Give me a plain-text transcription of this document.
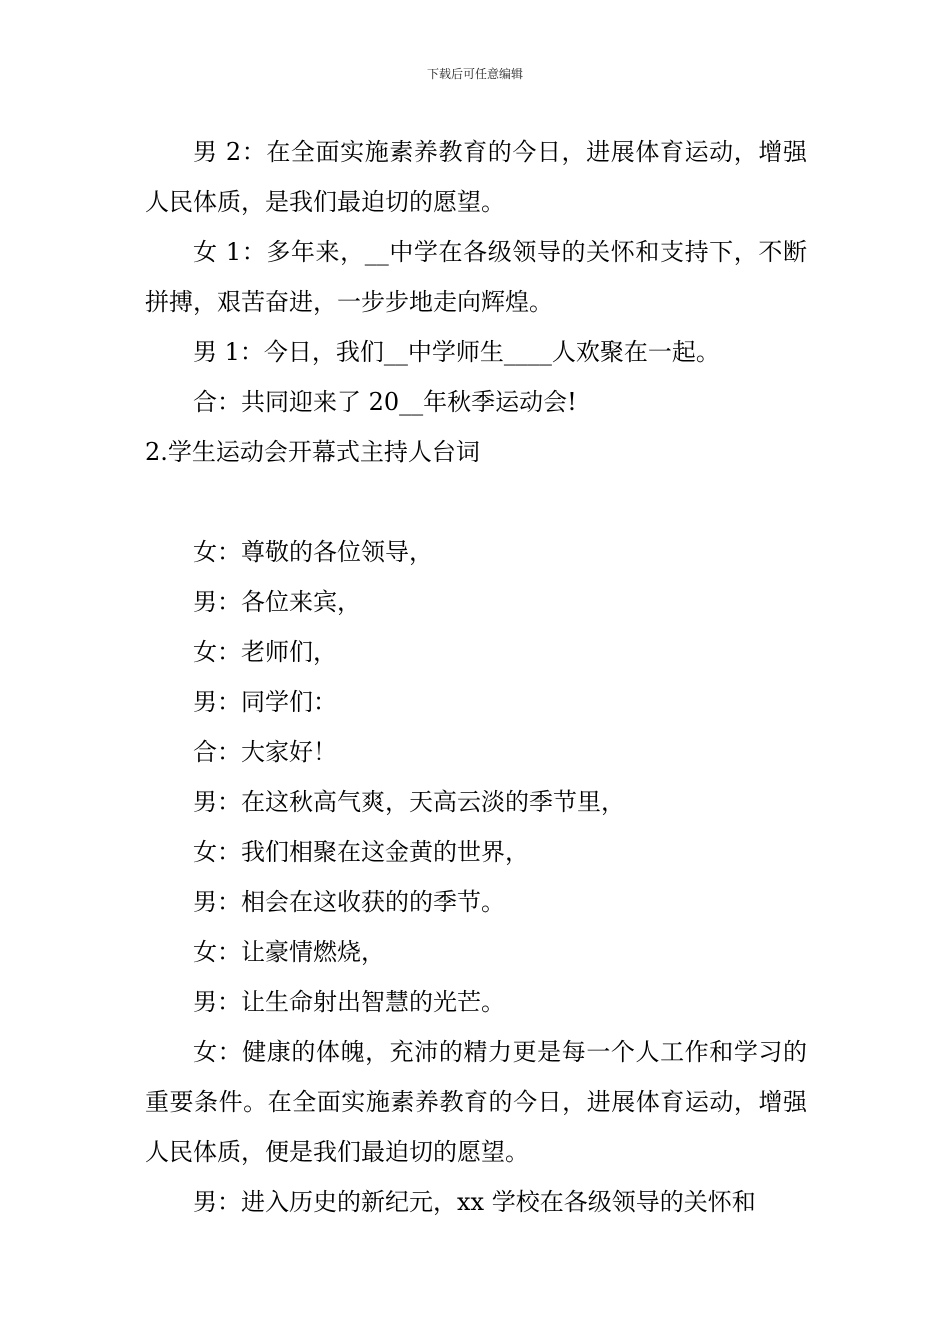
下载后可任意编辑

男 2：在全面实施素养教育的今日，进展体育运动，增强人民体质，是我们最迫切的愿望。

女 1：多年来，__中学在各级领导的关怀和支持下，不断拼搏，艰苦奋进，一步步地走向辉煌。

男 1：今日，我们__中学师生____人欢聚在一起。

合：共同迎来了 20__年秋季运动会!

2.学生运动会开幕式主持人台词

女：尊敬的各位领导，

男：各位来宾，

女：老师们，

男：同学们：

合：大家好！

男：在这秋高气爽，天高云淡的季节里，

女：我们相聚在这金黄的世界，

男：相会在这收获的的季节。

女：让豪情燃烧，

男：让生命射出智慧的光芒。

女：健康的体魄，充沛的精力更是每一个人工作和学习的重要条件。在全面实施素养教育的今日，进展体育运动，增强人民体质，便是我们最迫切的愿望。

男：进入历史的新纪元，xx 学校在各级领导的关怀和
